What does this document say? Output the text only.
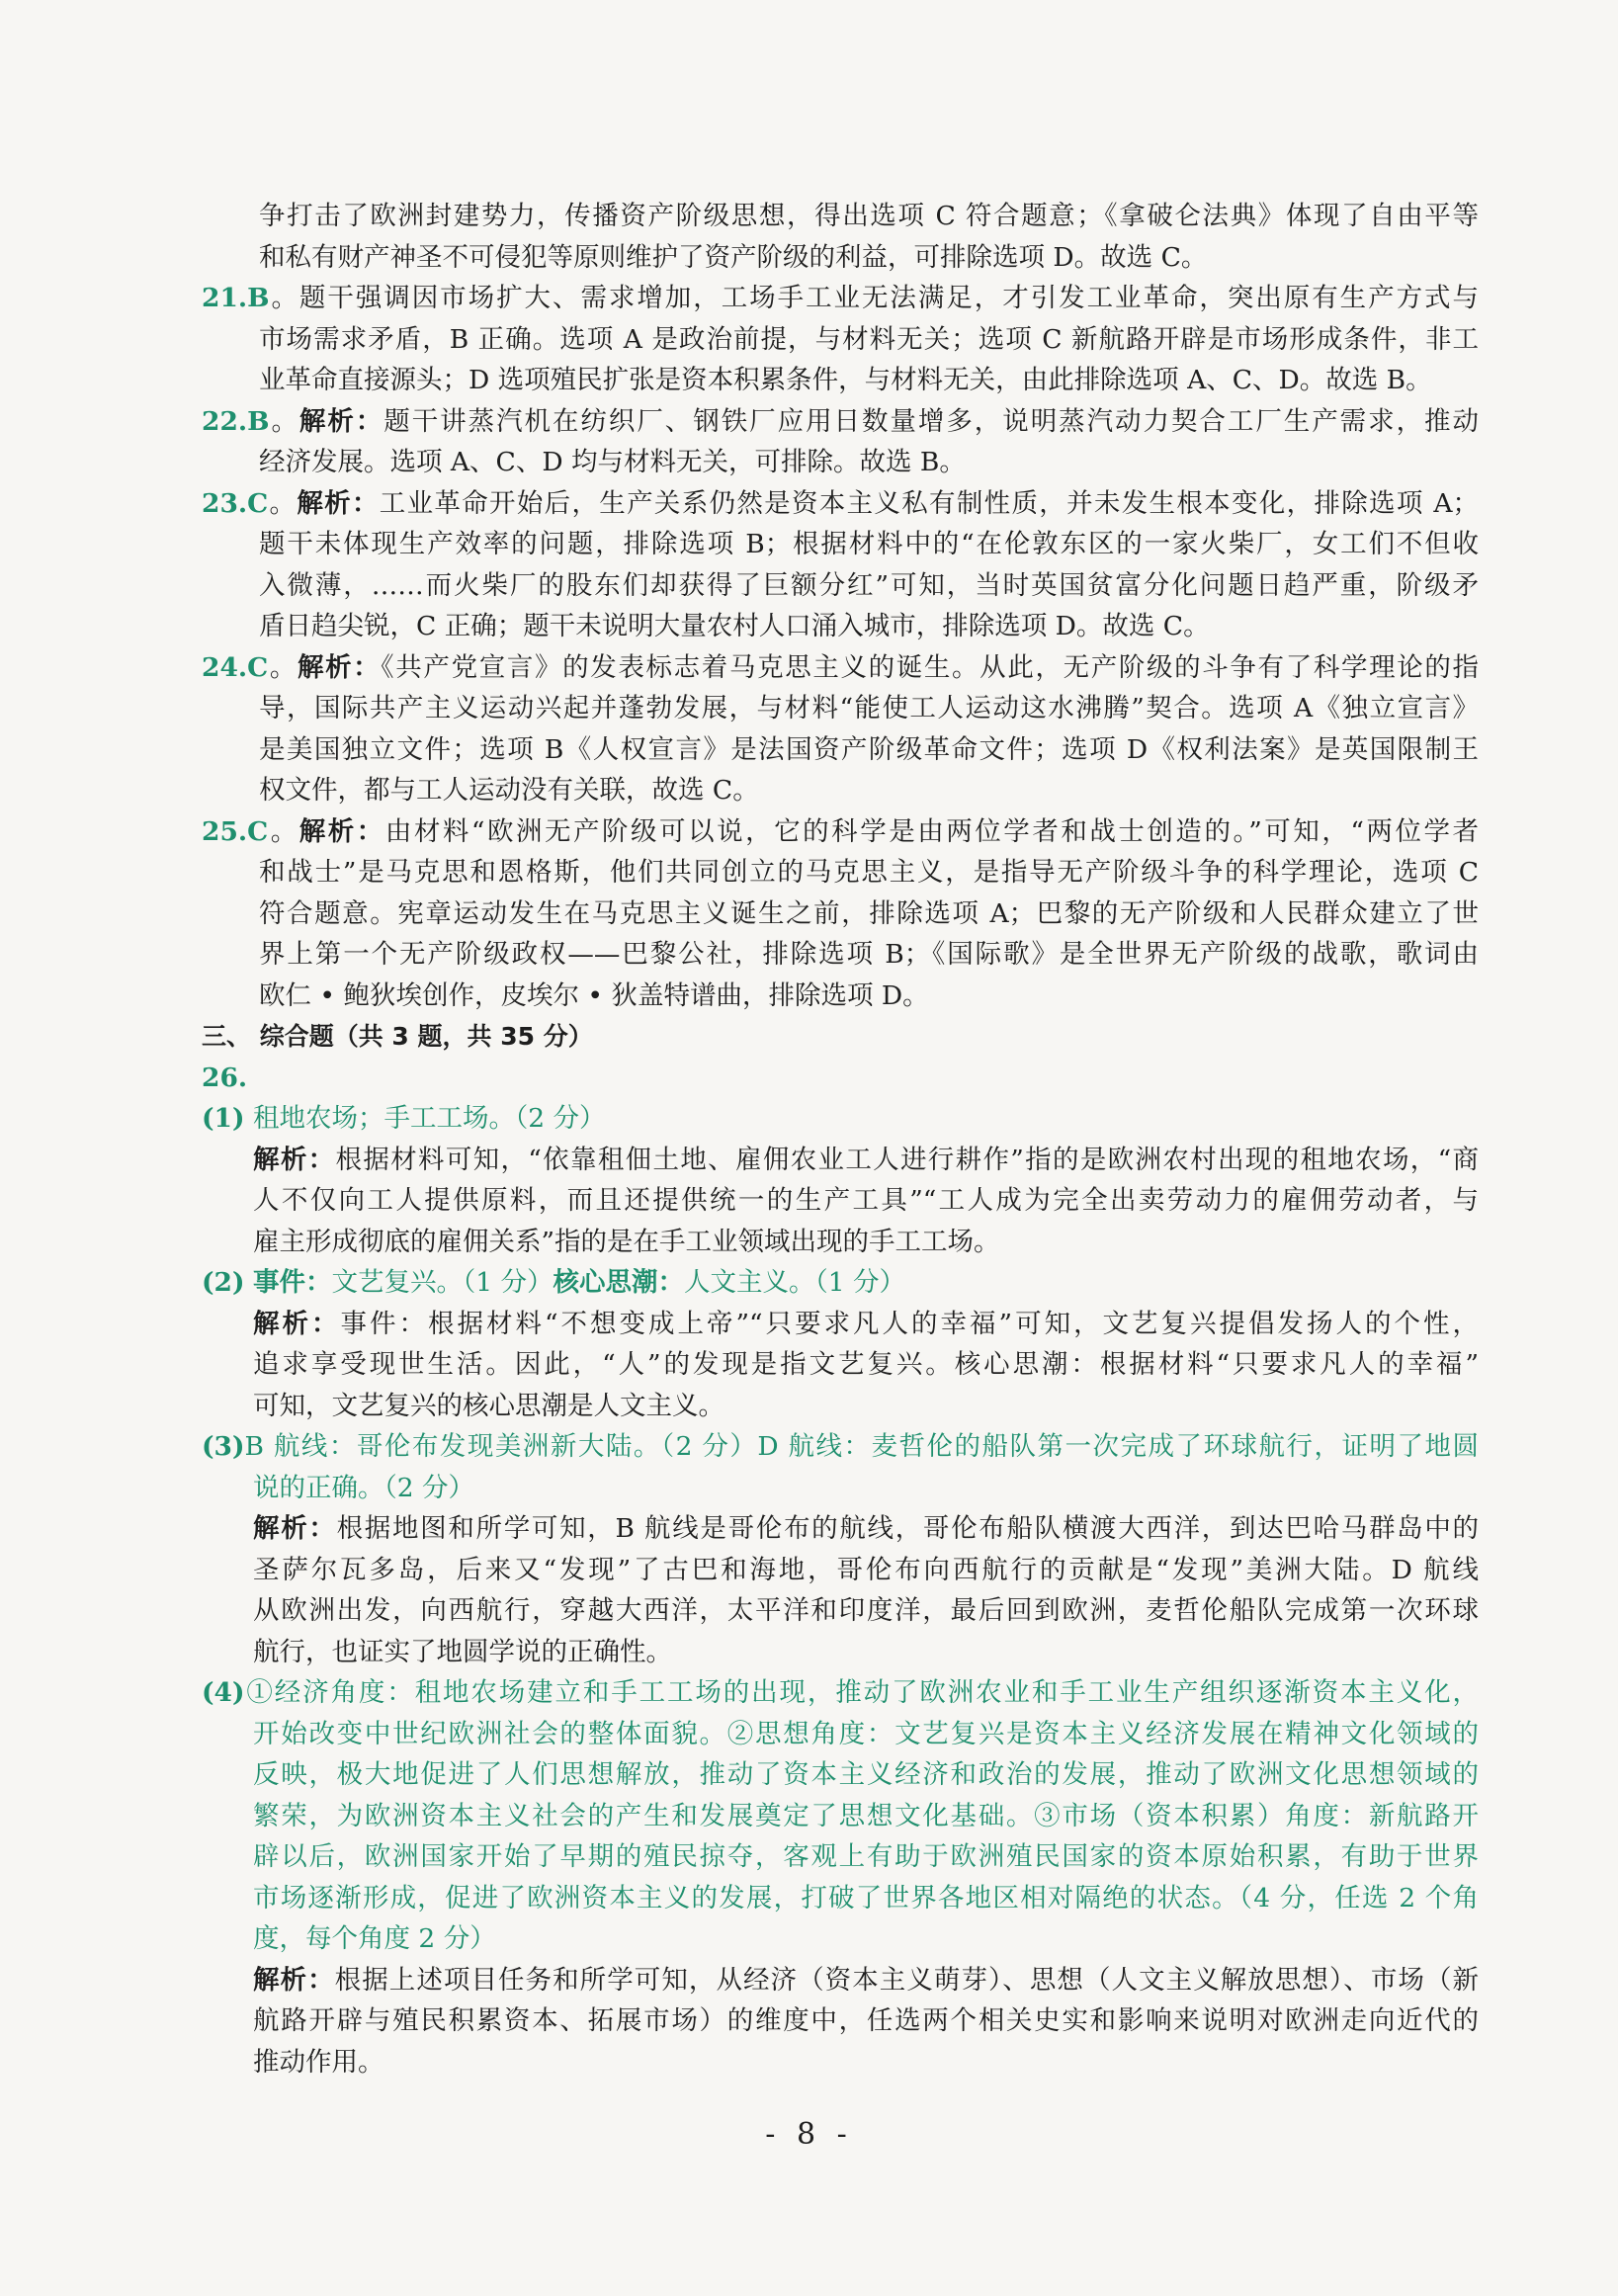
争打击了欧洲封建势力，传播资产阶级思想，得出选项 C 符合题意；《拿破仑法典》体现了自由平等
和私有财产神圣不可侵犯等原则维护了资产阶级的利益，可排除选项 D。故选 C。
21.B。题干强调因市场扩大、需求增加，工场手工业无法满足，才引发工业革命，突出原有生产方式与
市场需求矛盾，B 正确。选项 A 是政治前提，与材料无关；选项 C 新航路开辟是市场形成条件，非工
业革命直接源头；D 选项殖民扩张是资本积累条件，与材料无关，由此排除选项 A、C、D。故选 B。
22.B。解析：题干讲蒸汽机在纺织厂、钢铁厂应用日数量增多，说明蒸汽动力契合工厂生产需求，推动
经济发展。选项 A、C、D 均与材料无关，可排除。故选 B。
23.C。解析：工业革命开始后，生产关系仍然是资本主义私有制性质，并未发生根本变化，排除选项 A；
题干未体现生产效率的问题，排除选项 B；根据材料中的“在伦敦东区的一家火柴厂，女工们不但收
入微薄，……而火柴厂的股东们却获得了巨额分红”可知，当时英国贫富分化问题日趋严重，阶级矛
盾日趋尖锐，C 正确；题干未说明大量农村人口涌入城市，排除选项 D。故选 C。
24.C。解析：《共产党宣言》的发表标志着马克思主义的诞生。从此，无产阶级的斗争有了科学理论的指
导，国际共产主义运动兴起并蓬勃发展，与材料“能使工人运动这水沸腾”契合。选项 A《独立宣言》
是美国独立文件；选项 B《人权宣言》是法国资产阶级革命文件；选项 D《权利法案》是英国限制王
权文件，都与工人运动没有关联，故选 C。
25.C。解析：由材料“欧洲无产阶级可以说，它的科学是由两位学者和战士创造的。”可知，“两位学者
和战士”是马克思和恩格斯，他们共同创立的马克思主义，是指导无产阶级斗争的科学理论，选项 C
符合题意。宪章运动发生在马克思主义诞生之前，排除选项 A；巴黎的无产阶级和人民群众建立了世
界上第一个无产阶级政权——巴黎公社，排除选项 B；《国际歌》是全世界无产阶级的战歌，歌词由
欧仁 • 鲍狄埃创作，皮埃尔 • 狄盖特谱曲，排除选项 D。
三、 综合题（共 3 题，共 35 分）
26.
(1) 租地农场；手工工场。（2 分）
解析：根据材料可知，“依靠租佃土地、雇佣农业工人进行耕作”指的是欧洲农村出现的租地农场，“商
人不仅向工人提供原料，而且还提供统一的生产工具”“工人成为完全出卖劳动力的雇佣劳动者，与
雇主形成彻底的雇佣关系”指的是在手工业领域出现的手工工场。
(2) 事件：文艺复兴。（1 分）核心思潮：人文主义。（1 分）
解析：事件：根据材料“不想变成上帝”“只要求凡人的幸福”可知，文艺复兴提倡发扬人的个性，
追求享受现世生活。因此，“人”的发现是指文艺复兴。核心思潮：根据材料“只要求凡人的幸福”
可知，文艺复兴的核心思潮是人文主义。
(3)B 航线：哥伦布发现美洲新大陆。（2 分）D 航线：麦哲伦的船队第一次完成了环球航行，证明了地圆
说的正确。（2 分）
解析：根据地图和所学可知，B 航线是哥伦布的航线，哥伦布船队横渡大西洋，到达巴哈马群岛中的
圣萨尔瓦多岛，后来又“发现”了古巴和海地，哥伦布向西航行的贡献是“发现”美洲大陆。D 航线
从欧洲出发，向西航行，穿越大西洋，太平洋和印度洋，最后回到欧洲，麦哲伦船队完成第一次环球
航行，也证实了地圆学说的正确性。
(4)①经济角度：租地农场建立和手工工场的出现，推动了欧洲农业和手工业生产组织逐渐资本主义化，
开始改变中世纪欧洲社会的整体面貌。②思想角度：文艺复兴是资本主义经济发展在精神文化领域的
反映，极大地促进了人们思想解放，推动了资本主义经济和政治的发展，推动了欧洲文化思想领域的
繁荣，为欧洲资本主义社会的产生和发展奠定了思想文化基础。③市场（资本积累）角度：新航路开
辟以后，欧洲国家开始了早期的殖民掠夺，客观上有助于欧洲殖民国家的资本原始积累，有助于世界
市场逐渐形成，促进了欧洲资本主义的发展，打破了世界各地区相对隔绝的状态。（4 分，任选 2 个角
度，每个角度 2 分）
解析：根据上述项目任务和所学可知，从经济（资本主义萌芽）、思想（人文主义解放思想）、市场（新
航路开辟与殖民积累资本、拓展市场）的维度中，任选两个相关史实和影响来说明对欧洲走向近代的
推动作用。
- 8 -
